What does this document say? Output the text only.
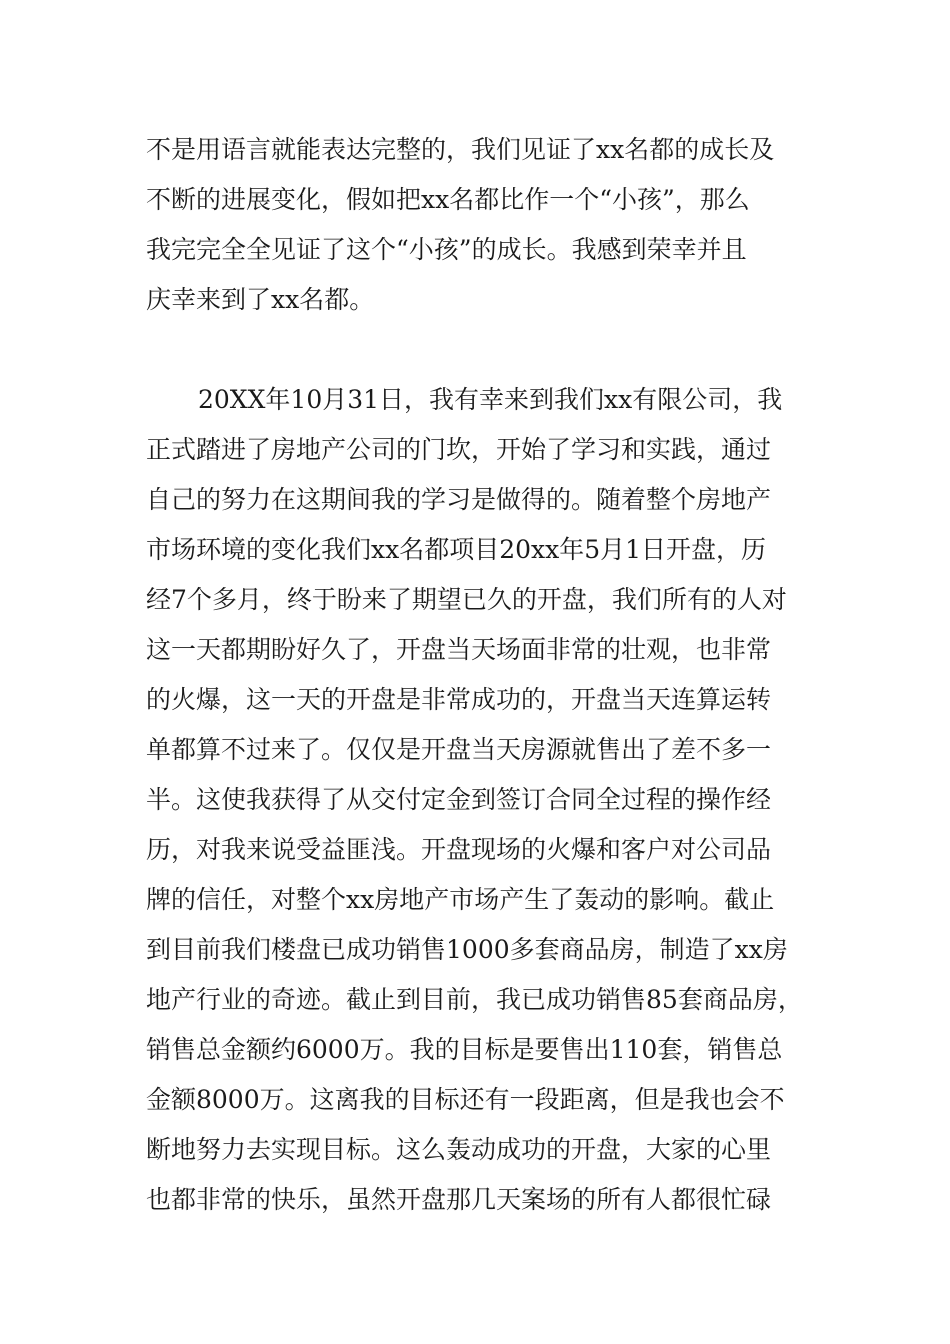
不是用语言就能表达完整的，我们见证了xx名都的成长及
不断的进展变化，假如把xx名都比作一个“小孩”，那么
我完完全全见证了这个“小孩”的成长。我感到荣幸并且
庆幸来到了xx名都。
20XX年10月31日，我有幸来到我们xx有限公司，我
正式踏进了房地产公司的门坎，开始了学习和实践，通过
自己的努力在这期间我的学习是做得的。随着整个房地产
市场环境的变化我们xx名都项目20xx年5月1日开盘，历
经7个多月，终于盼来了期望已久的开盘，我们所有的人对
这一天都期盼好久了，开盘当天场面非常的壮观，也非常
的火爆，这一天的开盘是非常成功的，开盘当天连算运转
单都算不过来了。仅仅是开盘当天房源就售出了差不多一
半。这使我获得了从交付定金到签订合同全过程的操作经
历，对我来说受益匪浅。开盘现场的火爆和客户对公司品
牌的信任，对整个xx房地产市场产生了轰动的影响。截止
到目前我们楼盘已成功销售1000多套商品房，制造了xx房
地产行业的奇迹。截止到目前，我已成功销售85套商品房，
销售总金额约6000万。我的目标是要售出110套，销售总
金额8000万。这离我的目标还有一段距离，但是我也会不
断地努力去实现目标。这么轰动成功的开盘，大家的心里
也都非常的快乐，虽然开盘那几天案场的所有人都很忙碌
